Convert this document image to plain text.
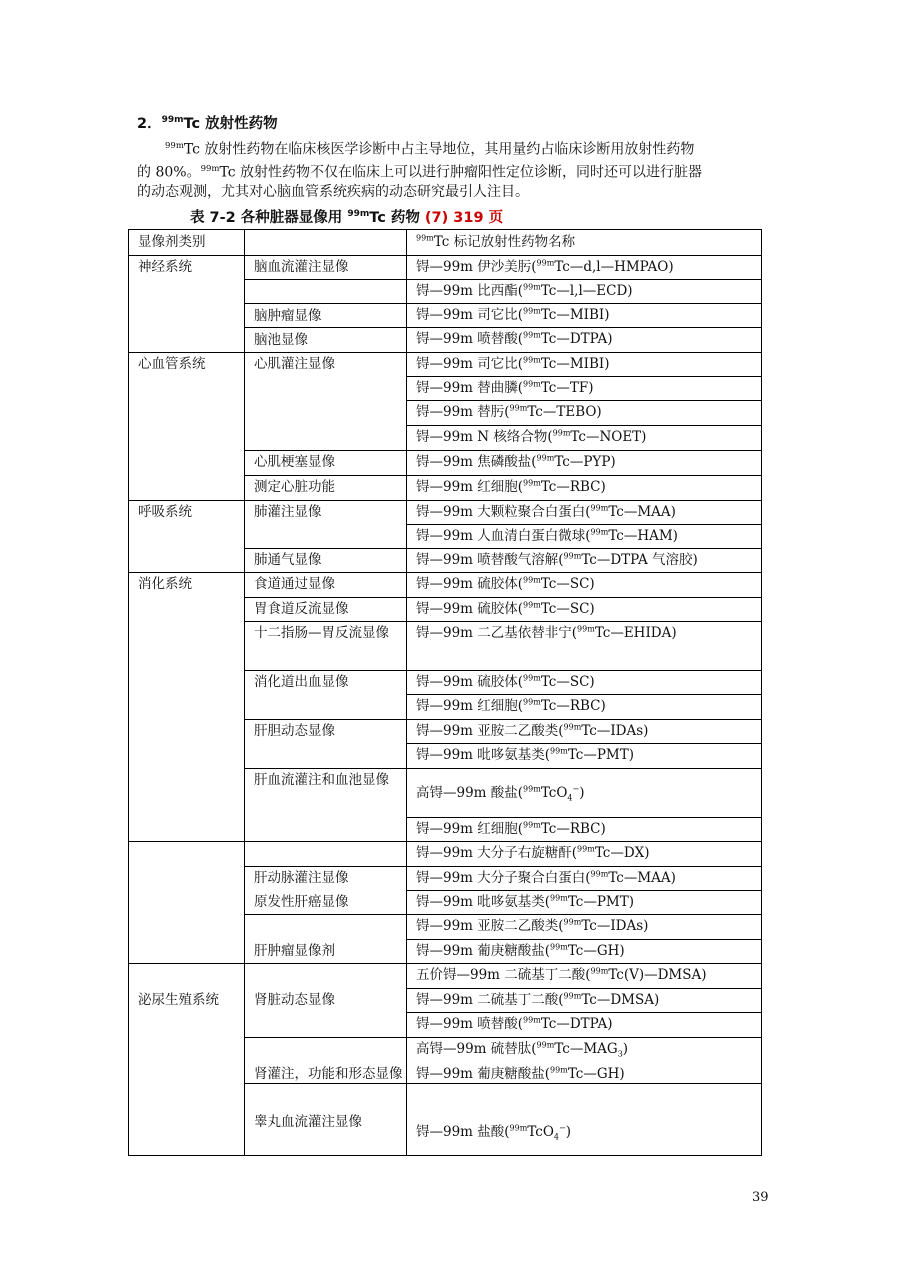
2．$^{99m}$Tc 放射性药物
$^{99m}$Tc 放射性药物在临床核医学诊断中占主导地位，其用量约占临床诊断用放射性药物
的 80%。$^{99m}$Tc 放射性药物不仅在临床上可以进行肿瘤阳性定位诊断，同时还可以进行脏器
的动态观测，尤其对心脑血管系统疾病的动态研究最引人注目。
表 7-2 各种脏器显像用 $^{99m}$Tc 药物 (7) 319 页
显像剂类别	$^{99m}$Tc 标记放射性药物名称
神经系统
心血管系统
呼吸系统
消化系统
泌尿生殖系统
脑血流灌注显像
脑肿瘤显像
脑池显像
心肌灌注显像
心肌梗塞显像
测定心脏功能
肺灌注显像
肺通气显像
食道通过显像
胃食道反流显像
十二指肠—胃反流显像
消化道出血显像
肝胆动态显像
肝血流灌注和血池显像
肝动脉灌注显像
原发性肝癌显像
肝肿瘤显像剂
肾脏动态显像
肾灌注，功能和形态显像
睾丸血流灌注显像
锝—99m 伊沙美肟($^{99m}$Tc—d,l—HMPAO)
锝—99m 比西酯($^{99m}$Tc—l,l—ECD)
锝—99m 司它比($^{99m}$Tc—MIBI)
锝—99m 喷替酸($^{99m}$Tc—DTPA)
锝—99m 司它比($^{99m}$Tc—MIBI)
锝—99m 替曲膦($^{99m}$Tc—TF)
锝—99m 替肟($^{99m}$Tc—TEBO)
锝—99m N 核络合物($^{99m}$Tc—NOET)
锝—99m 焦磷酸盐($^{99m}$Tc—PYP)
锝—99m 红细胞($^{99m}$Tc—RBC)
锝—99m 大颗粒聚合白蛋白($^{99m}$Tc—MAA)
锝—99m 人血清白蛋白微球($^{99m}$Tc—HAM)
锝—99m 喷替酸气溶解($^{99m}$Tc—DTPA 气溶胶)
锝—99m 硫胶体($^{99m}$Tc—SC)
锝—99m 硫胶体($^{99m}$Tc—SC)
锝—99m 二乙基依替非宁($^{99m}$Tc—EHIDA)
锝—99m 硫胶体($^{99m}$Tc—SC)
锝—99m 红细胞($^{99m}$Tc—RBC)
锝—99m 亚胺二乙酸类($^{99m}$Tc—IDAs)
锝—99m 吡哆氨基类($^{99m}$Tc—PMT)
高锝—99m 酸盐($^{99m}$TcO$_4$−)
锝—99m 红细胞($^{99m}$Tc—RBC)
锝—99m 大分子右旋糖酐($^{99m}$Tc—DX)
锝—99m 大分子聚合白蛋白($^{99m}$Tc—MAA)
锝—99m 吡哆氨基类($^{99m}$Tc—PMT)
锝—99m 亚胺二乙酸类($^{99m}$Tc—IDAs)
锝—99m 葡庚糖酸盐($^{99m}$Tc—GH)
五价锝—99m 二硫基丁二酸($^{99m}$Tc(Ⅴ)—DMSA)
锝—99m 二硫基丁二酸($^{99m}$Tc—DMSA)
锝—99m 喷替酸($^{99m}$Tc—DTPA)
高锝—99m 硫替肽$(^{99m}Tc—MAG_3)$
锝—99m 葡庚糖酸盐($^{99m}$Tc—GH)
锝—99m 盐酸($^{99m}$TcO$_4$−)
39
